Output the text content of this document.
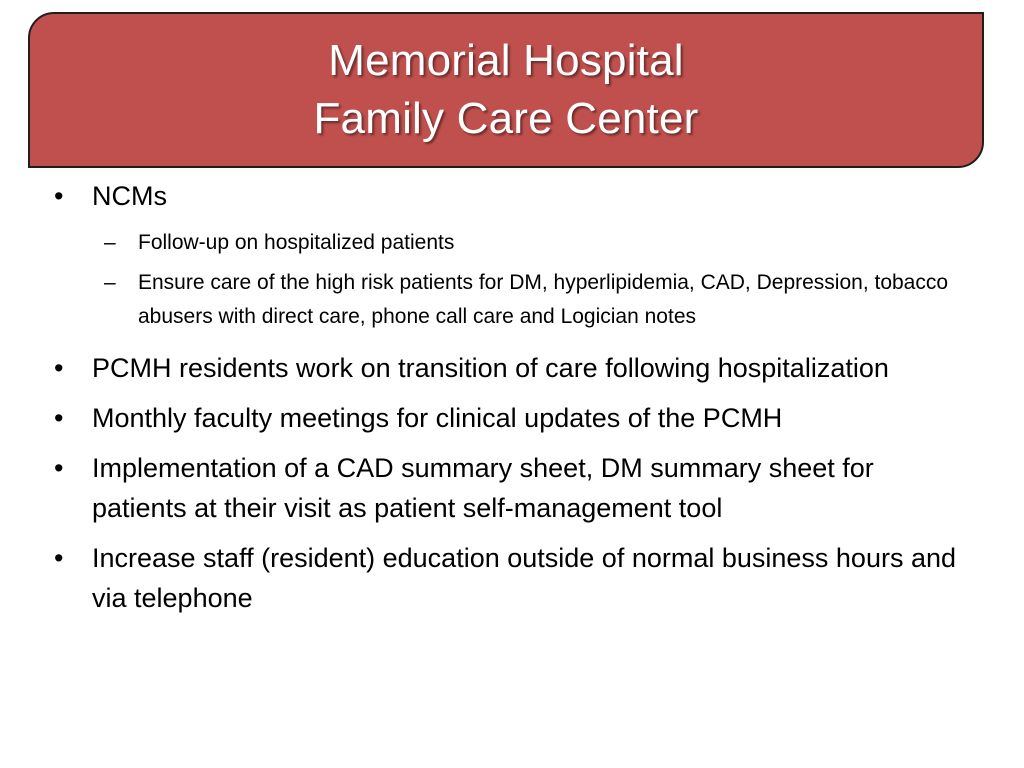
Memorial Hospital
Family Care Center
• NCMs
– Follow-up on hospitalized patients
– Ensure care of the high risk patients for DM, hyperlipidemia, CAD, Depression, tobacco abusers with direct care, phone call care and Logician notes
• PCMH residents work on transition of care following hospitalization
• Monthly faculty meetings for clinical updates of the PCMH
• Implementation of a CAD summary sheet, DM summary sheet for patients at their visit as patient self-management tool
• Increase staff (resident) education outside of normal business hours and via telephone
